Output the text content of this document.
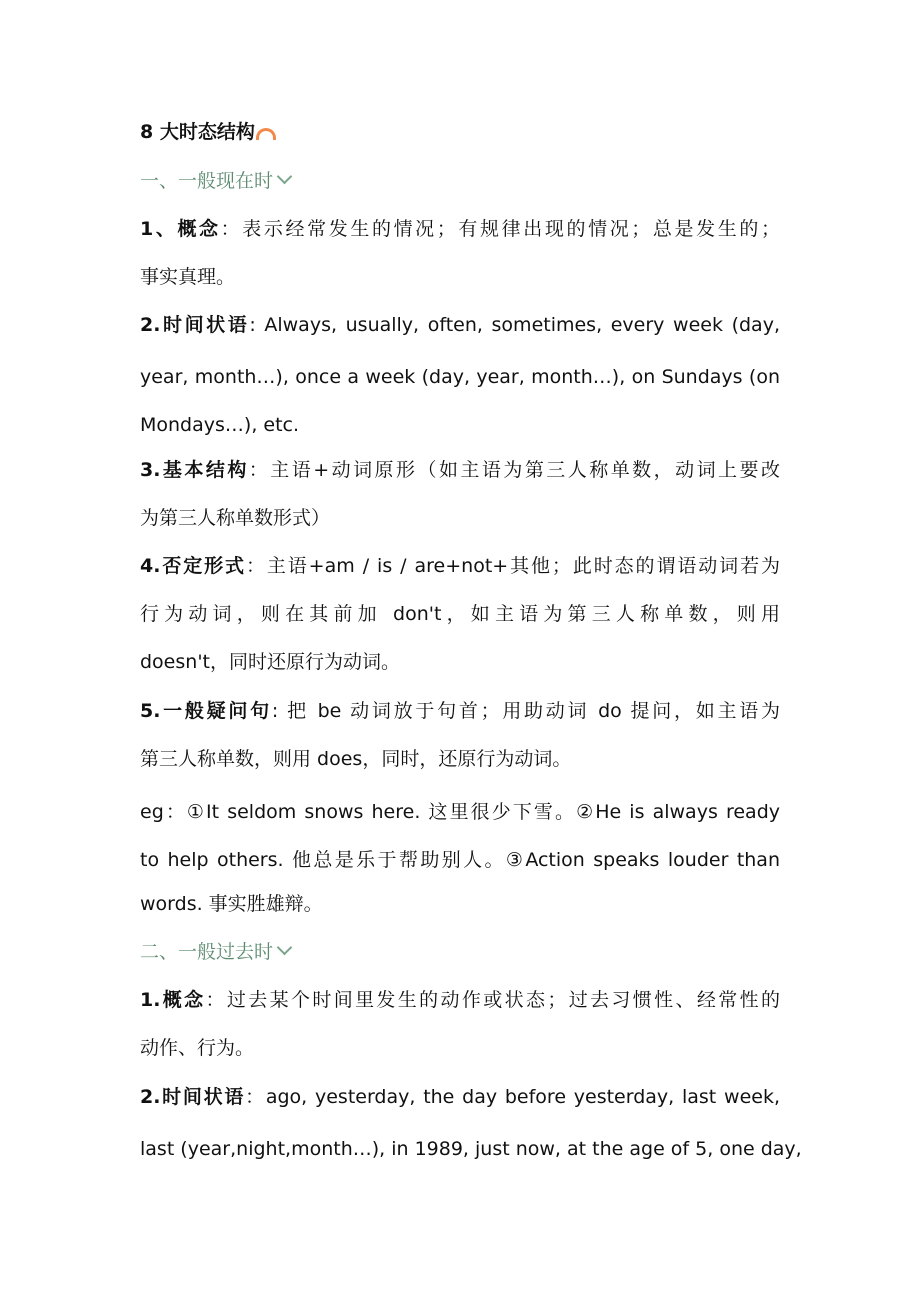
8 大时态结构
一、一般现在时
1、概念：表示经常发生的情况；有规律出现的情况；总是发生的；
事实真理。
2.时间状语: Always, usually, often, sometimes, every week (day,
year, month…), once a week (day, year, month…), on Sundays (on
Mondays…), etc.
3.基本结构：主语+动词原形（如主语为第三人称单数，动词上要改
为第三人称单数形式）
4.否定形式：主语+am / is / are+not+其他；此时态的谓语动词若为
行为动词，则在其前加 don't，如主语为第三人称单数，则用
doesn't，同时还原行为动词。
5.一般疑问句: 把 be 动词放于句首；用助动词 do 提问，如主语为
第三人称单数，则用 does，同时，还原行为动词。
eg：①It seldom snows here. 这里很少下雪。②He is always ready
to help others. 他总是乐于帮助别人。③Action speaks louder than
words. 事实胜雄辩。
二、一般过去时
1.概念：过去某个时间里发生的动作或状态；过去习惯性、经常性的
动作、行为。
2.时间状语：ago, yesterday, the day before yesterday, last week,
last (year,night,month…), in 1989, just now, at the age of 5, one day,
